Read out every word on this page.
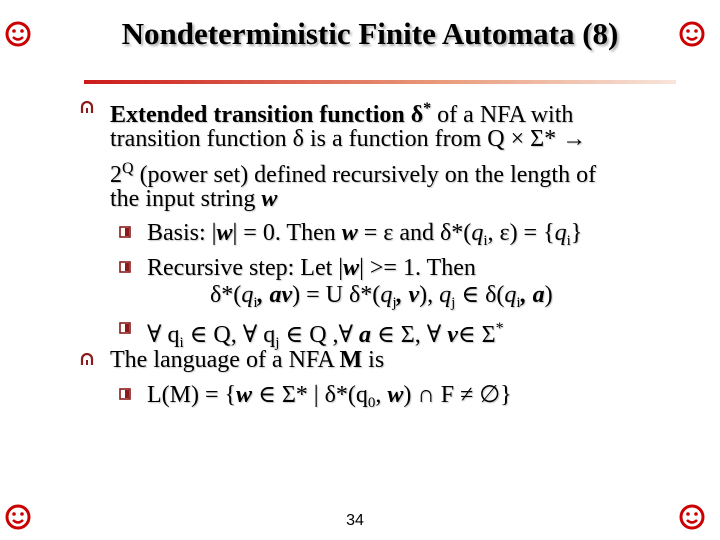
Nondeterministic Finite Automata (8)
Extended transition function δ* of a NFA with
transition function δ is a function from Q × Σ* →
$2^Q$ (power set) defined recursively on the length of
the input string w
Basis: |w| = 0. Then w = ε and $\delta*(q_i$, $\varepsilon) = \{q_i\}$
Recursive step: Let |w| >= 1. Then
$\delta*(q_i$, av) = U $\delta*(q_j$, v), $q_j$ ∈ $\delta(q_i$, a)
∀ $q_i$ ∈ Q, ∀ $q_j$ ∈ Q ,∀ a ∈ Σ, ∀ v∈ Σ*
The language of a NFA M is
L(M) = {w ∈ Σ* | $\delta*(q_0$, w) ∩ F ≠ ∅}
34
